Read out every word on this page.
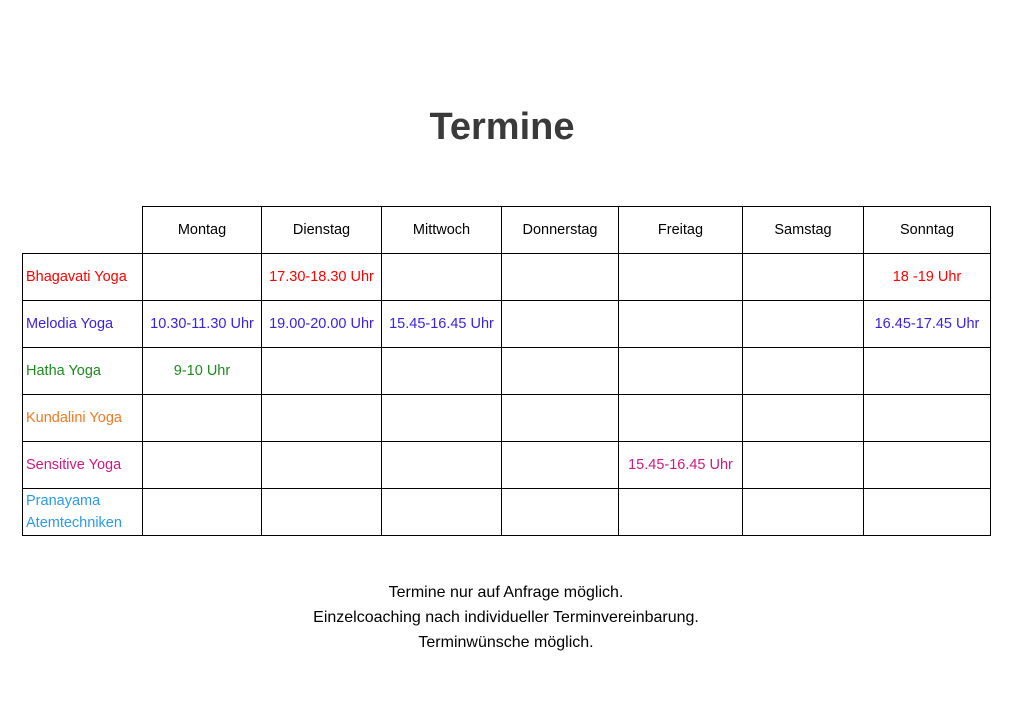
Termine
	Montag	Dienstag	Mittwoch	Donnerstag	Freitag	Samstag	Sonntag
Bhagavati Yoga		17.30-18.30 Uhr					18 -19 Uhr
Melodia Yoga	10.30-11.30 Uhr	19.00-20.00 Uhr	15.45-16.45 Uhr				16.45-17.45 Uhr
Hatha Yoga	9-10 Uhr						
Kundalini Yoga							
Sensitive Yoga					15.45-16.45 Uhr		
Pranayama Atemtechniken							
Termine nur auf Anfrage möglich.
Einzelcoaching nach individueller Terminvereinbarung.
Terminwünsche möglich.
